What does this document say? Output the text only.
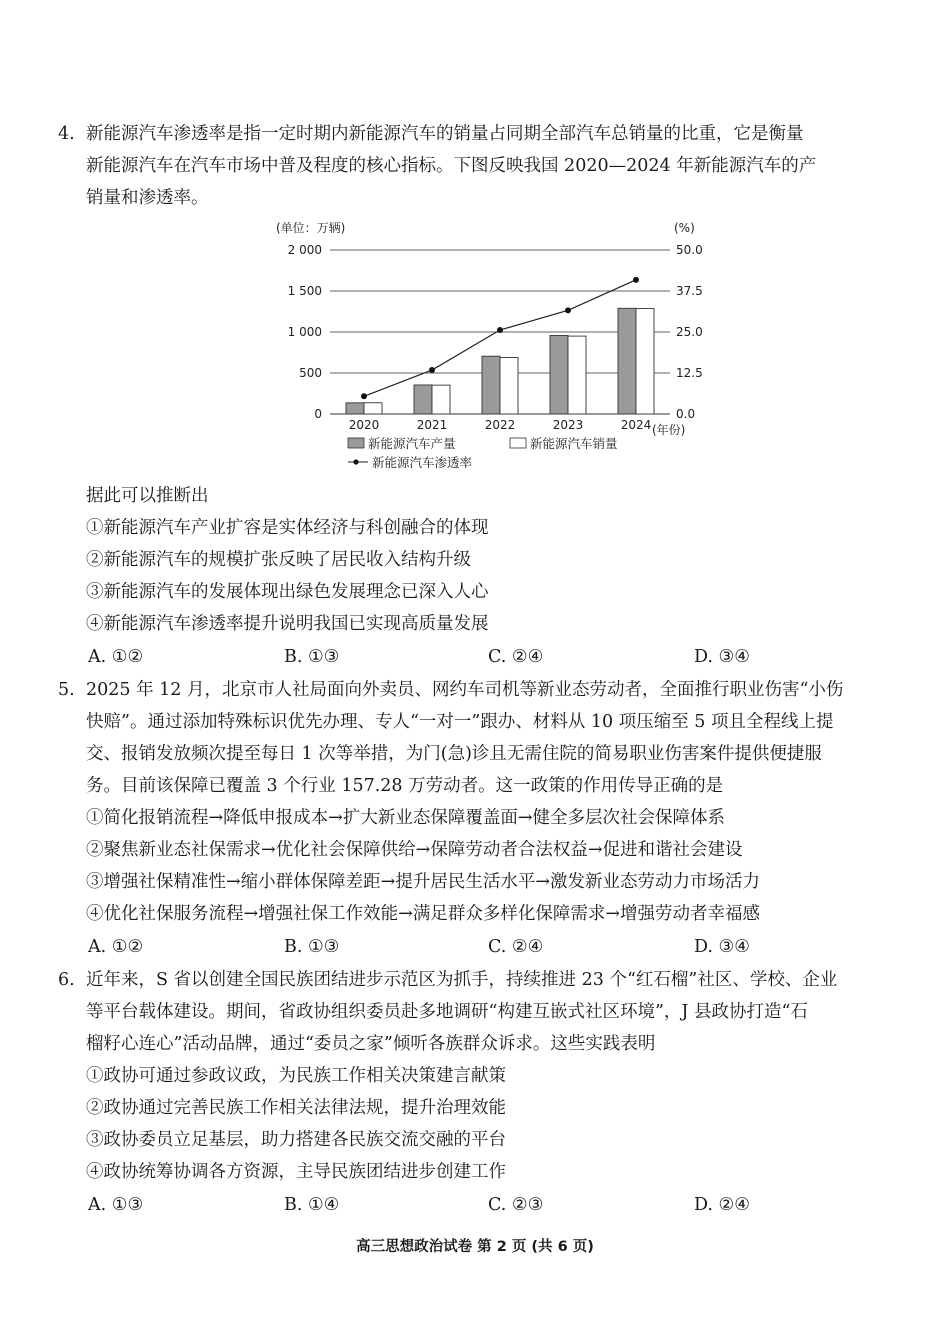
4. 新能源汽车渗透率是指一定时期内新能源汽车的销量占同期全部汽车总销量的比重，它是衡量
新能源汽车在汽车市场中普及程度的核心指标。下图反映我国 2020—2024 年新能源汽车的产
销量和渗透率。
0	0.0
500	12.5
1 000	25.0
1 500	37.5
2 000	50.0
2020	2021	2022	2023	2024
(单位：万辆)	(%)
(年份)
新能源汽车产量	新能源汽车销量
新能源汽车渗透率
据此可以推断出
①新能源汽车产业扩容是实体经济与科创融合的体现
②新能源汽车的规模扩张反映了居民收入结构升级
③新能源汽车的发展体现出绿色发展理念已深入人心
④新能源汽车渗透率提升说明我国已实现高质量发展
A. ①②	B. ①③	C. ②④	D. ③④
5. 2025 年 12 月，北京市人社局面向外卖员、网约车司机等新业态劳动者，全面推行职业伤害“小伤
快赔”。通过添加特殊标识优先办理、专人“一对一”跟办、材料从 10 项压缩至 5 项且全程线上提
交、报销发放频次提至每日 1 次等举措，为门(急)诊且无需住院的简易职业伤害案件提供便捷服
务。目前该保障已覆盖 3 个行业 157.28 万劳动者。这一政策的作用传导正确的是
①简化报销流程→降低申报成本→扩大新业态保障覆盖面→健全多层次社会保障体系
②聚焦新业态社保需求→优化社会保障供给→保障劳动者合法权益→促进和谐社会建设
③增强社保精准性→缩小群体保障差距→提升居民生活水平→激发新业态劳动力市场活力
④优化社保服务流程→增强社保工作效能→满足群众多样化保障需求→增强劳动者幸福感
A. ①②	B. ①③	C. ②④	D. ③④
6. 近年来，S 省以创建全国民族团结进步示范区为抓手，持续推进 23 个“红石榴”社区、学校、企业
等平台载体建设。期间，省政协组织委员赴多地调研“构建互嵌式社区环境”，J 县政协打造“石
榴籽心连心”活动品牌，通过“委员之家”倾听各族群众诉求。这些实践表明
①政协可通过参政议政，为民族工作相关决策建言献策
②政协通过完善民族工作相关法律法规，提升治理效能
③政协委员立足基层，助力搭建各民族交流交融的平台
④政协统筹协调各方资源，主导民族团结进步创建工作
A. ①③	B. ①④	C. ②③	D. ②④
高三思想政治试卷 第 2 页 (共 6 页)
